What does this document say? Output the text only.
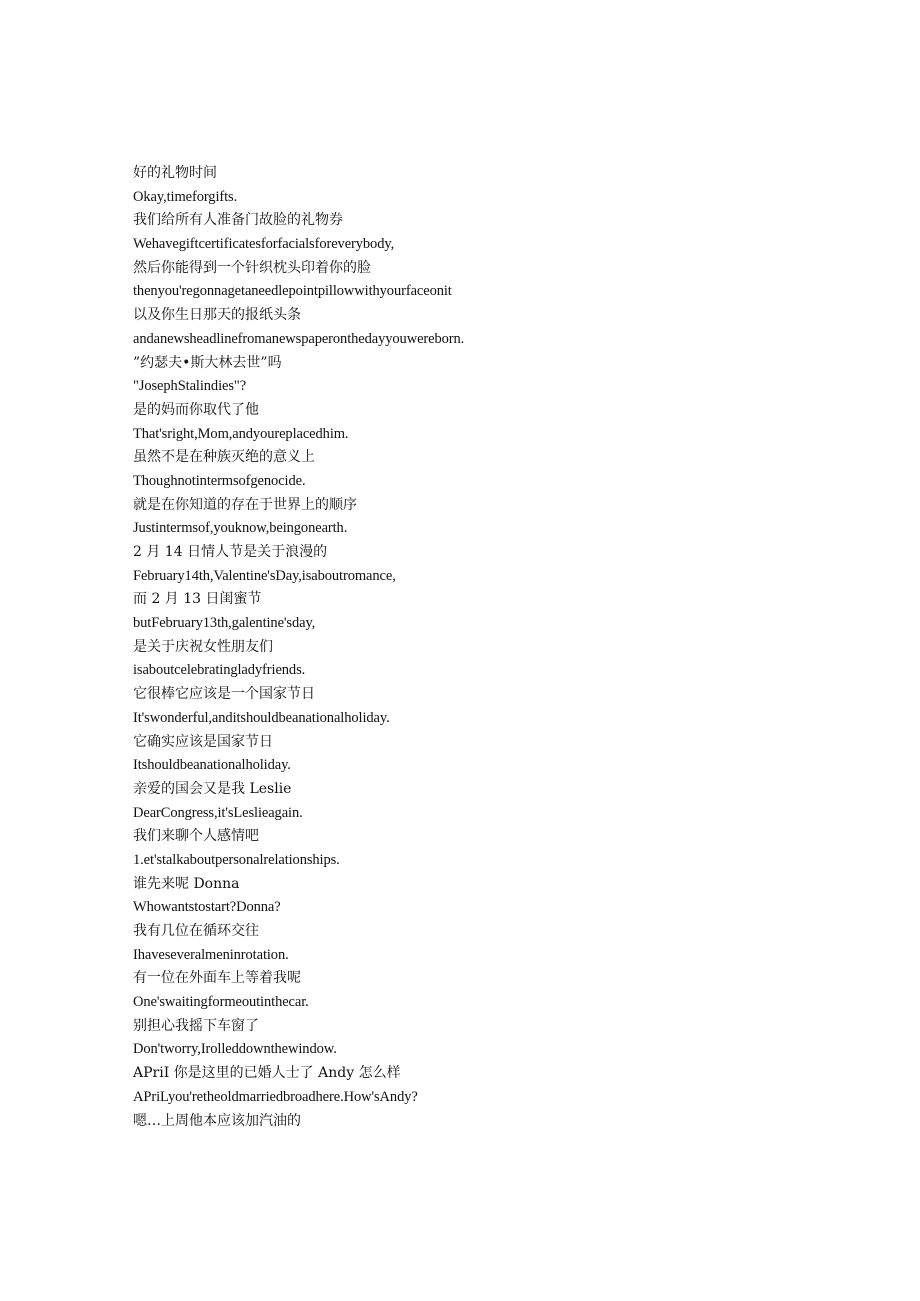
好的礼物时间
Okay,timeforgifts.
我们给所有人准备门故脸的礼物券
Wehavegiftcertificatesforfacialsforeverybody,
然后你能得到一个针织枕头印着你的脸
thenyou'regonnagetaneedlepointpillowwithyourfaceonit
以及你生日那天的报纸头条
andanewsheadlinefromanewspaperonthedayyouwereborn.
”约瑟夫•斯大林去世”吗
"JosephStalindies"?
是的妈而你取代了他
That'sright,Mom,andyoureplacedhim.
虽然不是在种族灭绝的意义上
Thoughnotintermsofgenocide.
就是在你知道的存在于世界上的顺序
Justintermsof,youknow,beingonearth.
2 月 14 日情人节是关于浪漫的
February14th,Valentine'sDay,isaboutromance,
而 2 月 13 日闺蜜节
butFebruary13th,galentine'sday,
是关于庆祝女性朋友们
isaboutcelebratingladyfriends.
它很棒它应该是一个国家节日
It'swonderful,anditshouldbeanationalholiday.
它确实应该是国家节日
Itshouldbeanationalholiday.
亲爱的国会又是我 Leslie
DearCongress,it'sLeslieagain.
我们来聊个人感情吧
1.et'stalkaboutpersonalrelationships.
谁先来呢 Donna
Whowantstostart?Donna?
我有几位在循环交往
Ihaveseveralmeninrotation.
有一位在外面车上等着我呢
One'swaitingformeoutinthecar.
别担心我摇下车窗了
Don'tworry,Irolleddownthewindow.
APriI 你是这里的已婚人士了 Andy 怎么样
APriLyou'retheoldmarriedbroadhere.How'sAndy?
嗯…上周他本应该加汽油的
